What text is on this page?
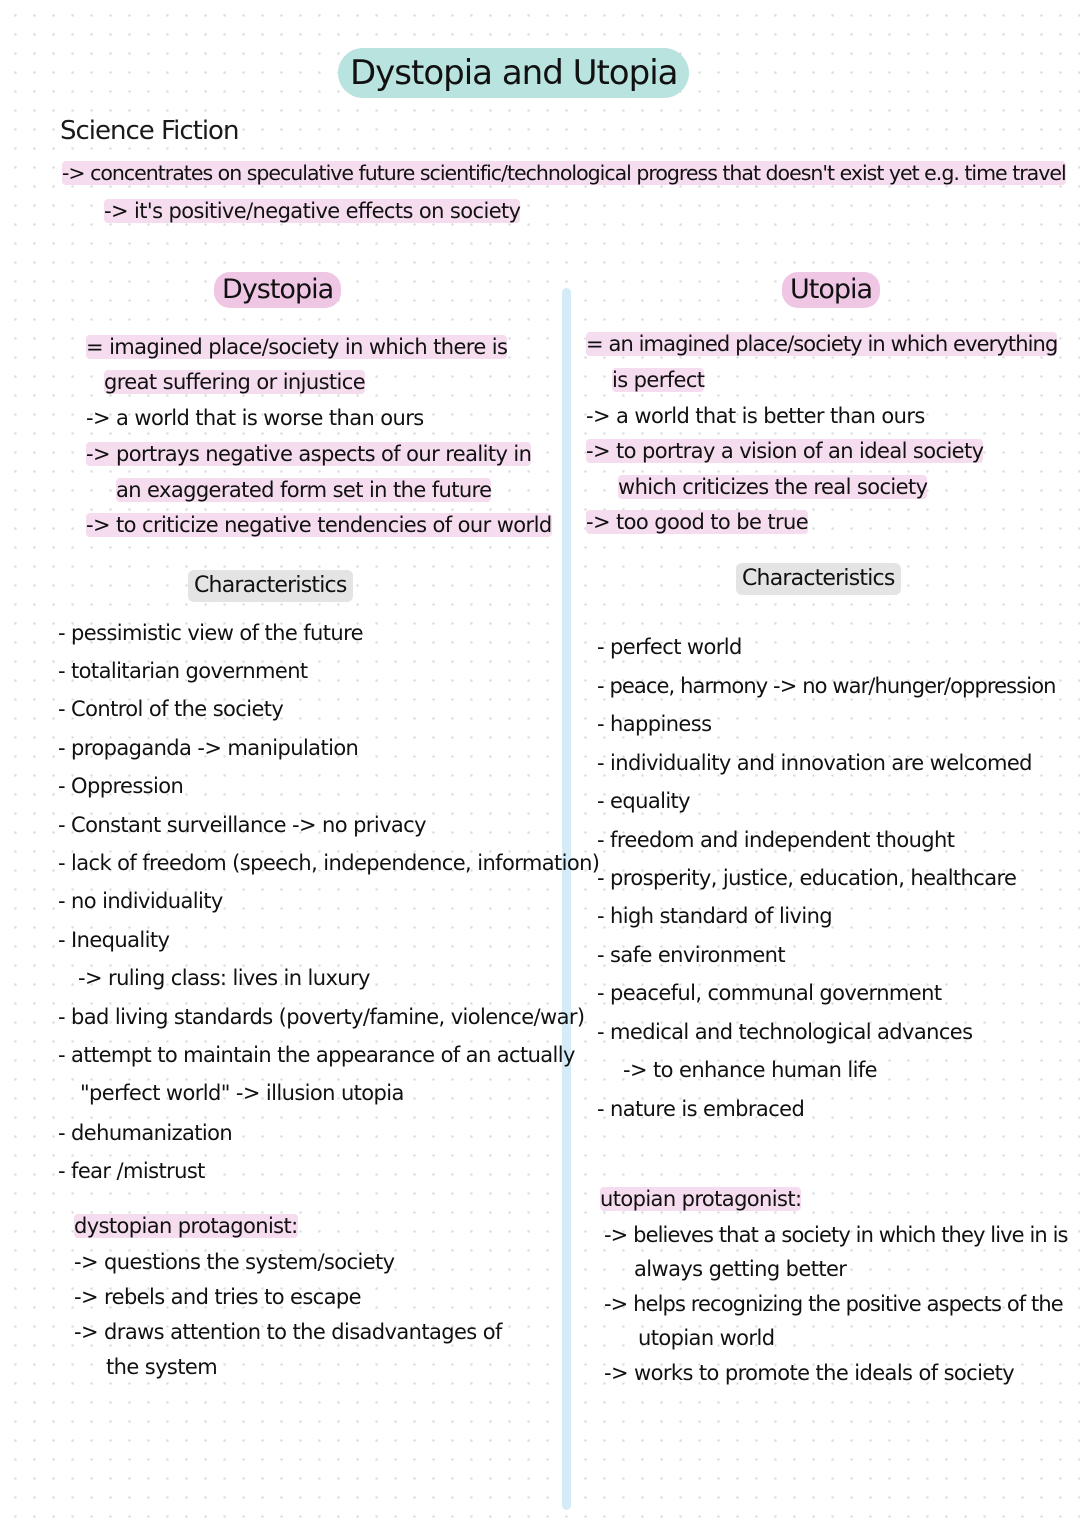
Dystopia and Utopia
Science Fiction
-> concentrates on speculative future scientific/technological progress that doesn't exist yet e.g. time travel
-> it's positive/negative effects on society
Dystopia
= imagined place/society in which there is
great suffering or injustice
-> a world that is worse than ours
-> portrays negative aspects of our reality in
an exaggerated form set in the future
-> to criticize negative tendencies of our world
Characteristics
- pessimistic view of the future
- totalitarian government
- Control of the society
- propaganda -> manipulation
- Oppression
- Constant surveillance -> no privacy
- lack of freedom (speech, independence, information)
- no individuality
- Inequality
-> ruling class: lives in luxury
- bad living standards (poverty/famine, violence/war)
- attempt to maintain the appearance of an actually
"perfect world" -> illusion utopia
- dehumanization
- fear /mistrust
dystopian protagonist:
-> questions the system/society
-> rebels and tries to escape
-> draws attention to the disadvantages of
the system
Utopia
= an imagined place/society in which everything
is perfect
-> a world that is better than ours
-> to portray a vision of an ideal society
which criticizes the real society
-> too good to be true
Characteristics
- perfect world
- peace, harmony -> no war/hunger/oppression
- happiness
- individuality and innovation are welcomed
- equality
- freedom and independent thought
- prosperity, justice, education, healthcare
- high standard of living
- safe environment
- peaceful, communal government
- medical and technological advances
-> to enhance human life
- nature is embraced
utopian protagonist:
-> believes that a society in which they live in is
always getting better
-> helps recognizing the positive aspects of the
utopian world
-> works to promote the ideals of society
